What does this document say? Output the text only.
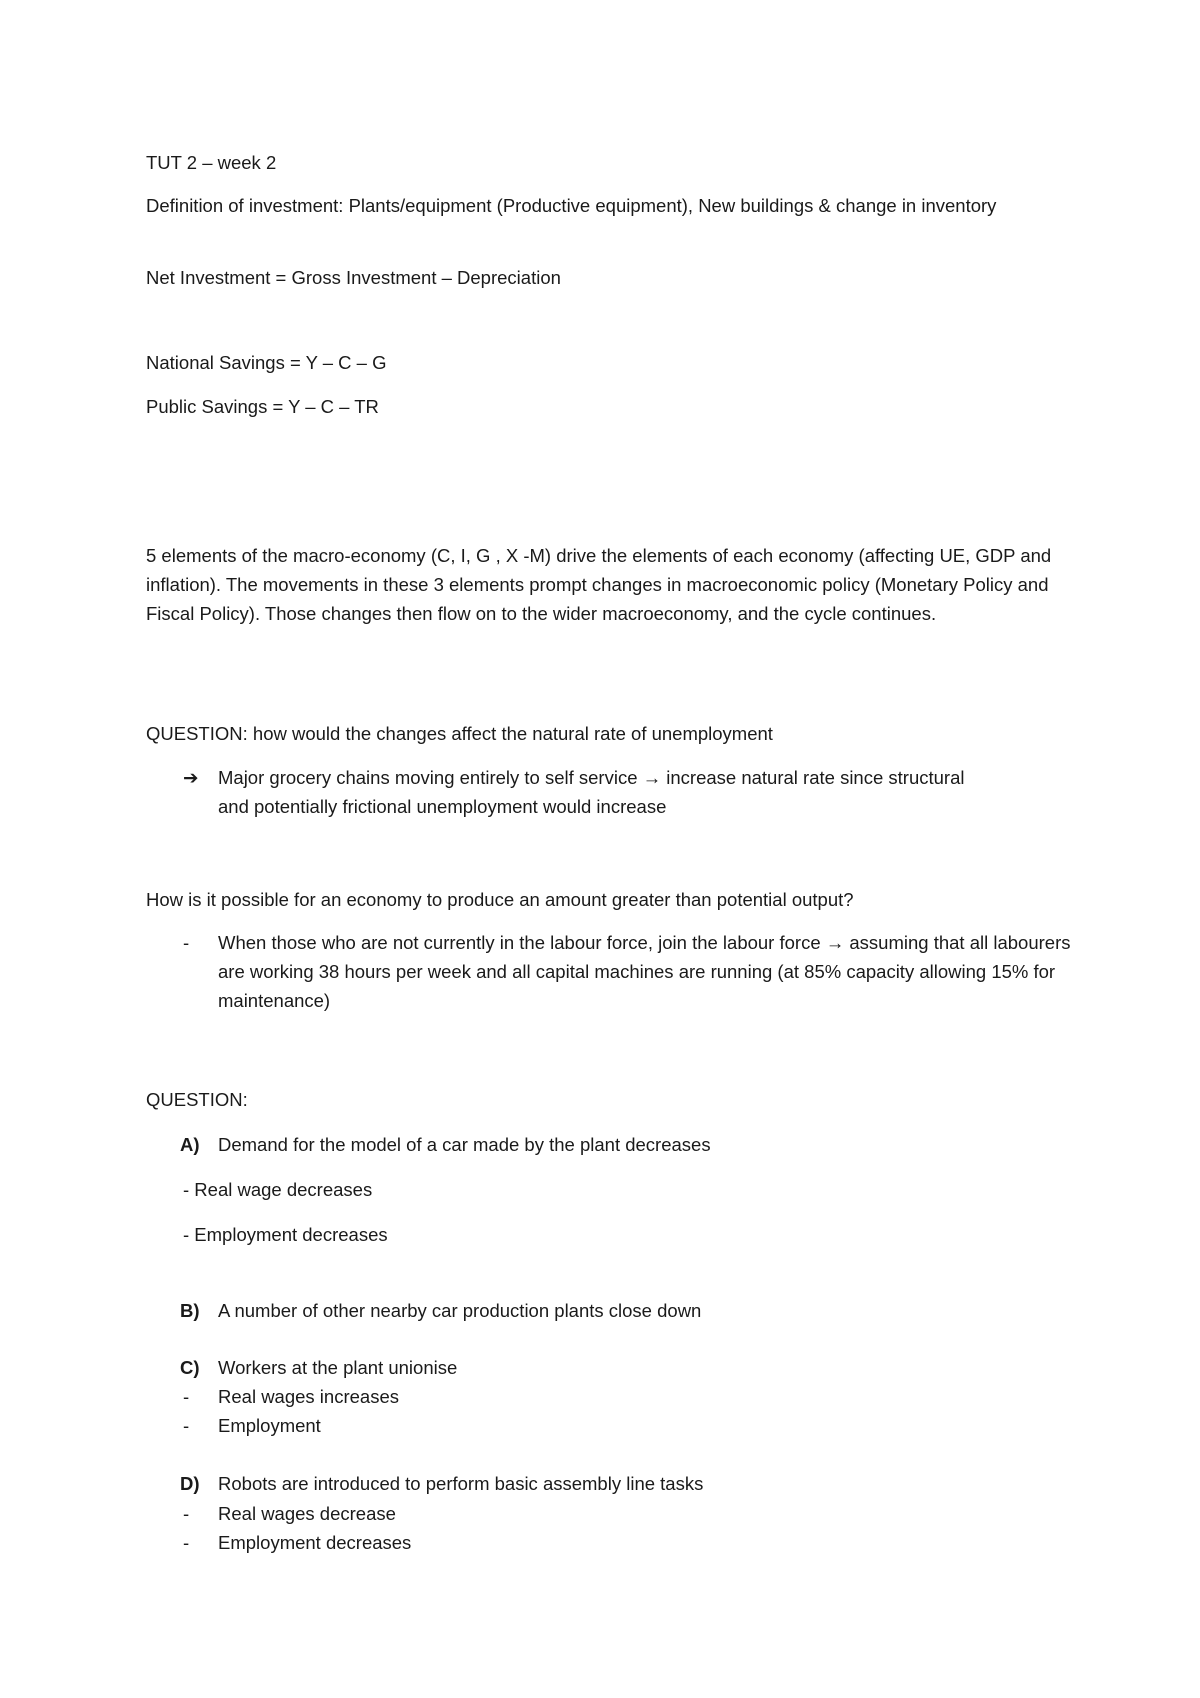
TUT 2 – week 2
Definition of investment: Plants/equipment (Productive equipment), New buildings & change in inventory
Net Investment = Gross Investment – Depreciation
National Savings = Y – C – G
Public Savings = Y – C – TR
5 elements of the macro-economy (C, I, G , X -M) drive the elements of each economy (affecting UE, GDP and inflation). The movements in these 3 elements prompt changes in macroeconomic policy (Monetary Policy and Fiscal Policy). Those changes then flow on to the wider macroeconomy, and the cycle continues.
QUESTION: how would the changes affect the natural rate of unemployment
➔ Major grocery chains moving entirely to self service → increase natural rate since structural
and potentially frictional unemployment would increase
How is it possible for an economy to produce an amount greater than potential output?
- When those who are not currently in the labour force, join the labour force → assuming that all labourers are working 38 hours per week and all capital machines are running (at 85% capacity allowing 15% for maintenance)
QUESTION:
A) Demand for the model of a car made by the plant decreases
- Real wage decreases
- Employment decreases
B) A number of other nearby car production plants close down
C) Workers at the plant unionise
- Real wages increases
- Employment
D) Robots are introduced to perform basic assembly line tasks
- Real wages decrease
- Employment decreases
